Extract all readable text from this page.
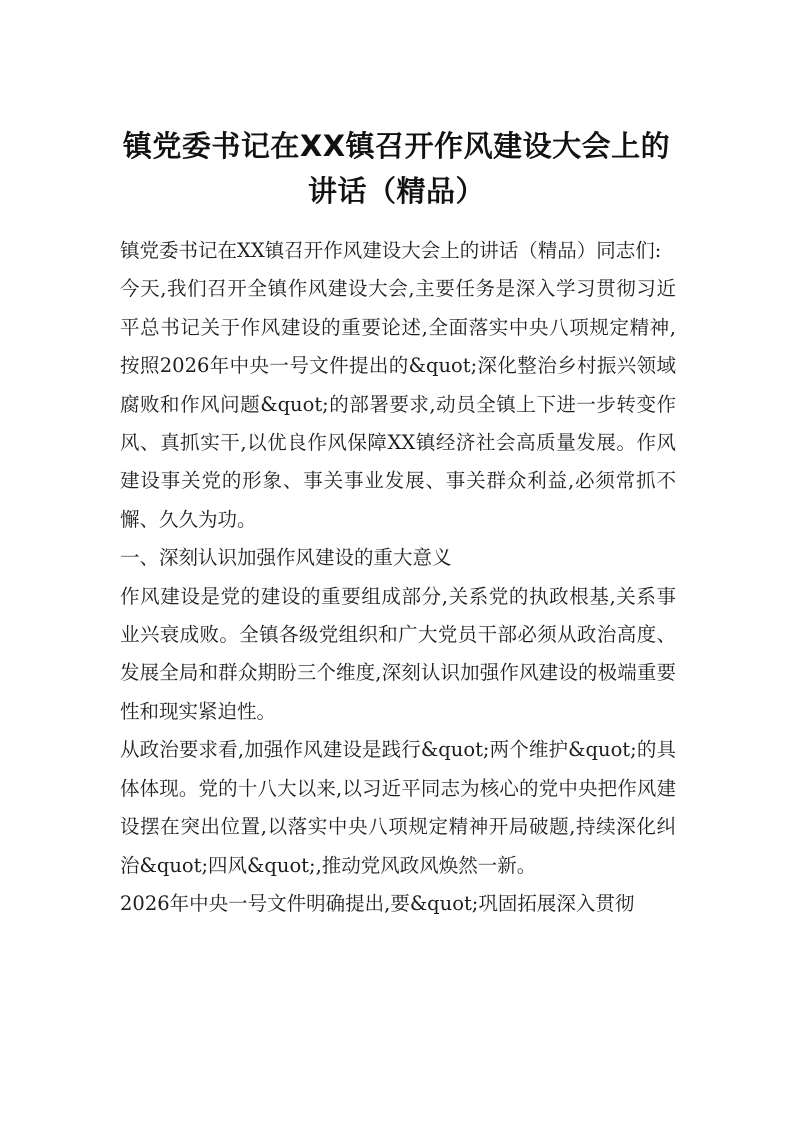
镇党委书记在XX镇召开作风建设大会上的
讲话（精品）

镇党委书记在XX镇召开作风建设大会上的讲话（精品）同志们:

今天,我们召开全镇作风建设大会,主要任务是深入学习贯彻习近平总书记关于作风建设的重要论述,全面落实中央八项规定精神,按照2026年中央一号文件提出的&quot;深化整治乡村振兴领域腐败和作风问题&quot;的部署要求,动员全镇上下进一步转变作风、真抓实干,以优良作风保障XX镇经济社会高质量发展。作风建设事关党的形象、事关事业发展、事关群众利益,必须常抓不懈、久久为功。

一、深刻认识加强作风建设的重大意义

作风建设是党的建设的重要组成部分,关系党的执政根基,关系事业兴衰成败。全镇各级党组织和广大党员干部必须从政治高度、发展全局和群众期盼三个维度,深刻认识加强作风建设的极端重要性和现实紧迫性。

从政治要求看,加强作风建设是践行&quot;两个维护&quot;的具体体现。党的十八大以来,以习近平同志为核心的党中央把作风建设摆在突出位置,以落实中央八项规定精神开局破题,持续深化纠治&quot;四风&quot;,推动党风政风焕然一新。

2026年中央一号文件明确提出,要&quot;巩固拓展深入贯彻
